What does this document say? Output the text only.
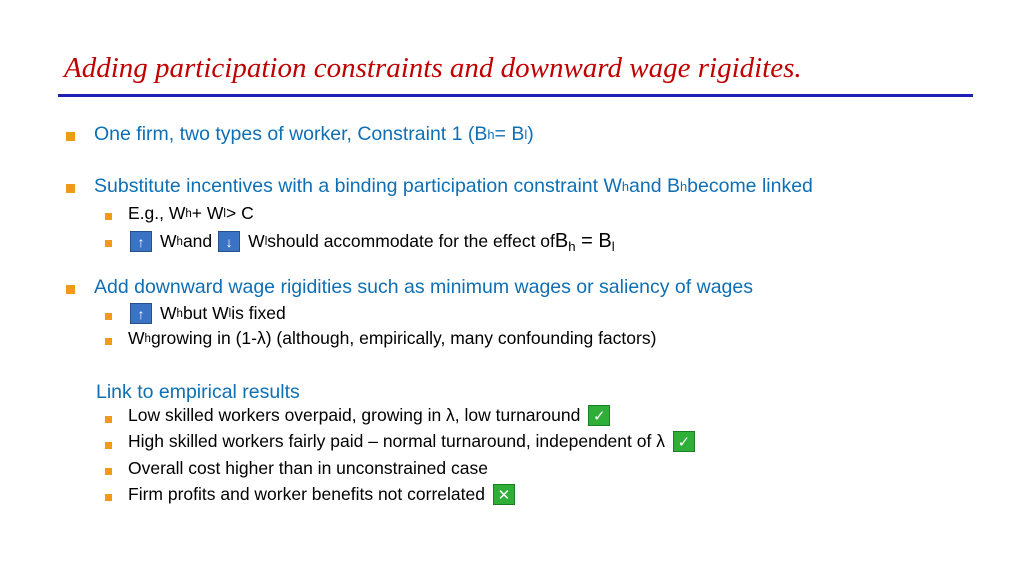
Adding participation constraints and downward wage rigidites.
One firm, two types of worker, Constraint 1 (B h = B l )
Substitute incentives with a binding participation constraint W h and B h become linked
E.g., W h + W l > C
↑ W h and ↓ W l should accommodate for the effect of $B_h = B_l$
Add downward wage rigidities such as minimum wages or saliency of wages
↑ W h but W l is fixed
W h growing in (1-λ) (although, empirically, many confounding factors)
Link to empirical results
Low skilled workers overpaid, growing in λ, low turnaround ✓
High skilled workers fairly paid – normal turnaround, independent of λ ✓
Overall cost higher than in unconstrained case
Firm profits and worker benefits not correlated ✕
